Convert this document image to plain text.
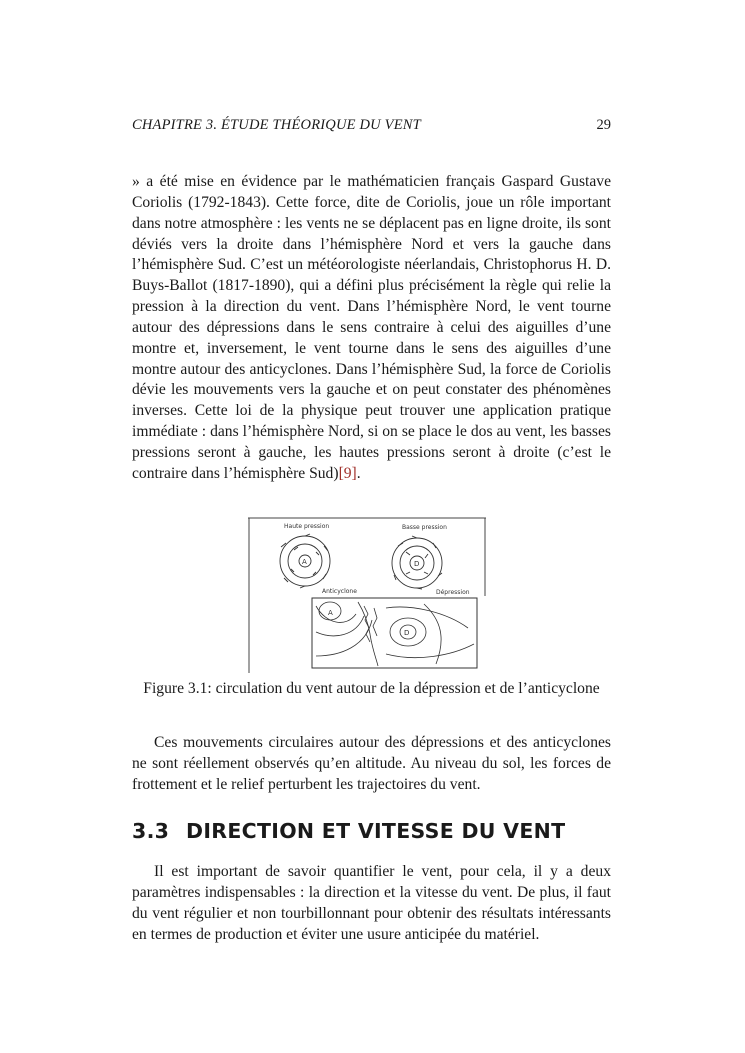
CHAPITRE 3. ÉTUDE THÉORIQUE DU VENT	29
» a été mise en évidence par le mathématicien français Gaspard Gustave Coriolis (1792-1843). Cette force, dite de Coriolis, joue un rôle important dans notre atmosphère : les vents ne se déplacent pas en ligne droite, ils sont déviés vers la droite dans l’hémisphère Nord et vers la gauche dans l’hémisphère Sud. C’est un météorologiste néerlandais, Christophorus H. D. Buys-Ballot (1817-1890), qui a défini plus précisément la règle qui relie la pression à la direction du vent. Dans l’hémisphère Nord, le vent tourne autour des dépressions dans le sens contraire à celui des aiguilles d’une montre et, inversement, le vent tourne dans le sens des aiguilles d’une montre autour des anticyclones. Dans l’hémisphère Sud, la force de Coriolis dévie les mouvements vers la gauche et on peut constater des phénomènes inverses. Cette loi de la physique peut trouver une application pratique immédiate : dans l’hémisphère Nord, si on se place le dos au vent, les basses pressions seront à gauche, les hautes pressions seront à droite (c’est le contraire dans l’hémisphère Sud)[9].
Haute pression	Basse pression
A	D
Anticyclone	Dépression
A
D
Figure 3.1: circulation du vent autour de la dépression et de l’anticyclone
Ces mouvements circulaires autour des dépressions et des anticyclones ne sont réellement observés qu’en altitude. Au niveau du sol, les forces de frottement et le relief perturbent les trajectoires du vent.
3.3 DIRECTION ET VITESSE DU VENT
Il est important de savoir quantifier le vent, pour cela, il y a deux paramètres indispensables : la direction et la vitesse du vent. De plus, il faut du vent régulier et non tourbillonnant pour obtenir des résultats intéressants en termes de production et éviter une usure anticipée du matériel.
